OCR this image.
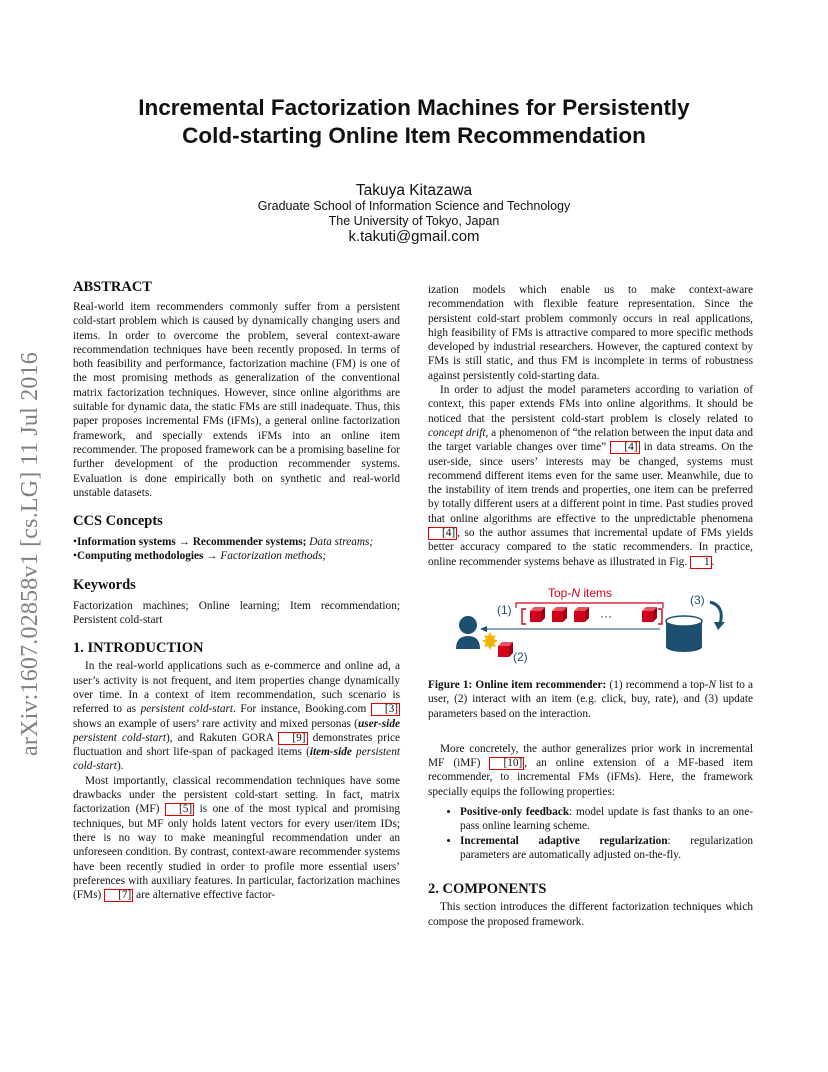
Incremental Factorization Machines for Persistently
Cold-starting Online Item Recommendation
Takuya Kitazawa
Graduate School of Information Science and Technology
The University of Tokyo, Japan
k.takuti@gmail.com
arXiv:1607.02858v1 [cs.LG] 11 Jul 2016
ABSTRACT

Real-world item recommenders commonly suffer from a persistent cold-start problem which is caused by dynamically changing users and items. In order to overcome the problem, several context-aware recommendation techniques have been recently proposed. In terms of both feasibility and performance, factorization machine (FM) is one of the most promising methods as generalization of the conventional matrix factorization techniques. However, since online algorithms are suitable for dynamic data, the static FMs are still inadequate. Thus, this paper proposes incremental FMs (iFMs), a general online factorization framework, and specially extends iFMs into an online item recommender. The proposed framework can be a promising baseline for further development of the production recommender systems. Evaluation is done empirically both on synthetic and real-world unstable datasets.

CCS Concepts

•Information systems → Recommender systems; Data streams; •Computing methodologies → Factorization methods;

Keywords

Factorization machines; Online learning; Item recommendation; Persistent cold-start

1. INTRODUCTION

In the real-world applications such as e-commerce and online ad, a user’s activity is not frequent, and item properties change dynamically over time. In a context of item recommendation, such scenario is referred to as persistent cold-start. For instance, Booking.com [3] shows an example of users’ rare activity and mixed personas (user-side persistent cold-start), and Rakuten GORA [9] demonstrates price fluctuation and short life-span of packaged items (item-side persistent cold-start).

Most importantly, classical recommendation techniques have some drawbacks under the persistent cold-start setting. In fact, matrix factorization (MF) [5] is one of the most typical and promising techniques, but MF only holds latent vectors for every user/item IDs; there is no way to make meaningful recommendation under an unforeseen condition. By contrast, context-aware recommender systems have been recently studied in order to profile more essential users’ preferences with auxiliary features. In particular, factorization machines (FMs) [7] are alternative effective factor-

ization models which enable us to make context-aware recommendation with flexible feature representation. Since the persistent cold-start problem commonly occurs in real applications, high feasibility of FMs is attractive compared to more specific methods developed by industrial researchers. However, the captured context by FMs is still static, and thus FM is incomplete in terms of robustness against persistently cold-starting data.

In order to adjust the model parameters according to variation of context, this paper extends FMs into online algorithms. It should be noticed that the persistent cold-start problem is closely related to concept drift, a phenomenon of “the relation between the input data and the target variable changes over time” [4] in data streams. On the user-side, since users’ interests may be changed, systems must recommend different items even for the same user. Meanwhile, due to the instability of item trends and properties, one item can be preferred by totally different users at a different point in time. Past studies proved that online algorithms are effective to the unpredictable phenomena [4] , so the author assumes that incremental update of FMs yields better accuracy compared to the static recommenders. In practice, online recommender systems behave as illustrated in Fig. 1 .

Top-N items
···
(1)
(2)
(3)

Figure 1: Online item recommender: (1) recommend a top-N list to a user, (2) interact with an item (e.g. click, buy, rate), and (3) update parameters based on the interaction.

More concretely, the author generalizes prior work in incremental MF (iMF) [10] , an online extension of a MF-based item recommender, to incremental FMs (iFMs). Here, the framework specially equips the following properties:

• Positive-only feedback: model update is fast thanks to an one-pass online learning scheme.
• Incremental adaptive regularization: regularization parameters are automatically adjusted on-the-fly.
2. COMPONENTS

This section introduces the different factorization techniques which compose the proposed framework.
